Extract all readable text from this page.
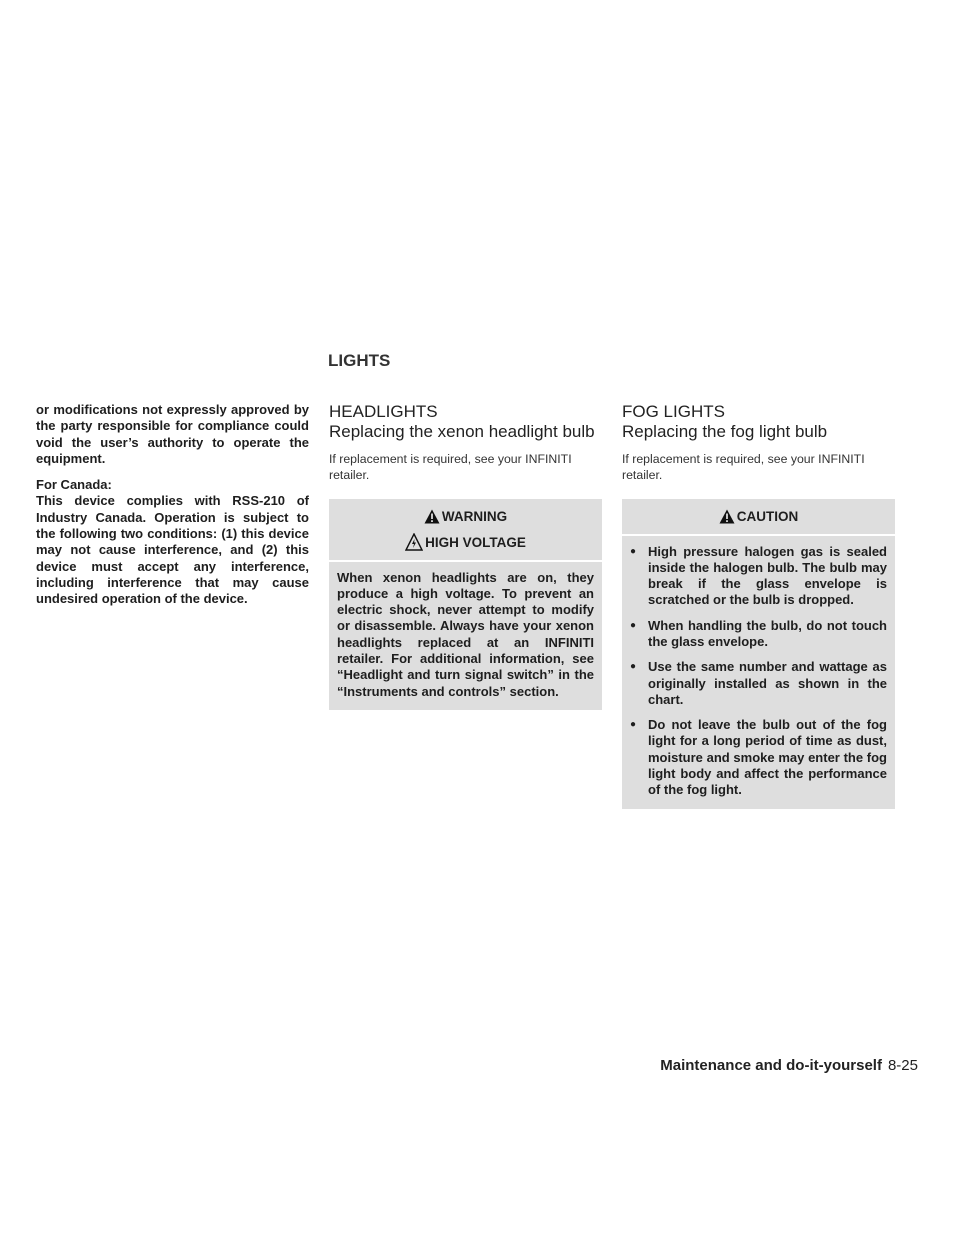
LIGHTS

or modifications not expressly approved by the party responsible for compliance could void the user’s authority to operate the equipment.

For Canada:
This device complies with RSS-210 of Industry Canada. Operation is subject to the following two conditions: (1) this device may not cause interference, and (2) this device must accept any interference, including interference that may cause undesired operation of the device.

HEADLIGHTS
Replacing the xenon headlight bulb

If replacement is required, see your INFINITI retailer.

WARNING
HIGH VOLTAGE

When xenon headlights are on, they produce a high voltage. To prevent an electric shock, never attempt to modify or disassemble. Always have your xenon headlights replaced at an INFINITI retailer. For additional information, see “Headlight and turn signal switch” in the “Instruments and controls” section.

FOG LIGHTS
Replacing the fog light bulb

If replacement is required, see your INFINITI retailer.

CAUTION
● High pressure halogen gas is sealed inside the halogen bulb. The bulb may break if the glass envelope is scratched or the bulb is dropped.
● When handling the bulb, do not touch the glass envelope.
● Use the same number and wattage as originally installed as shown in the chart.
● Do not leave the bulb out of the fog light for a long period of time as dust, moisture and smoke may enter the fog light body and affect the performance of the fog light.
Maintenance and do-it-yourself 8-25
